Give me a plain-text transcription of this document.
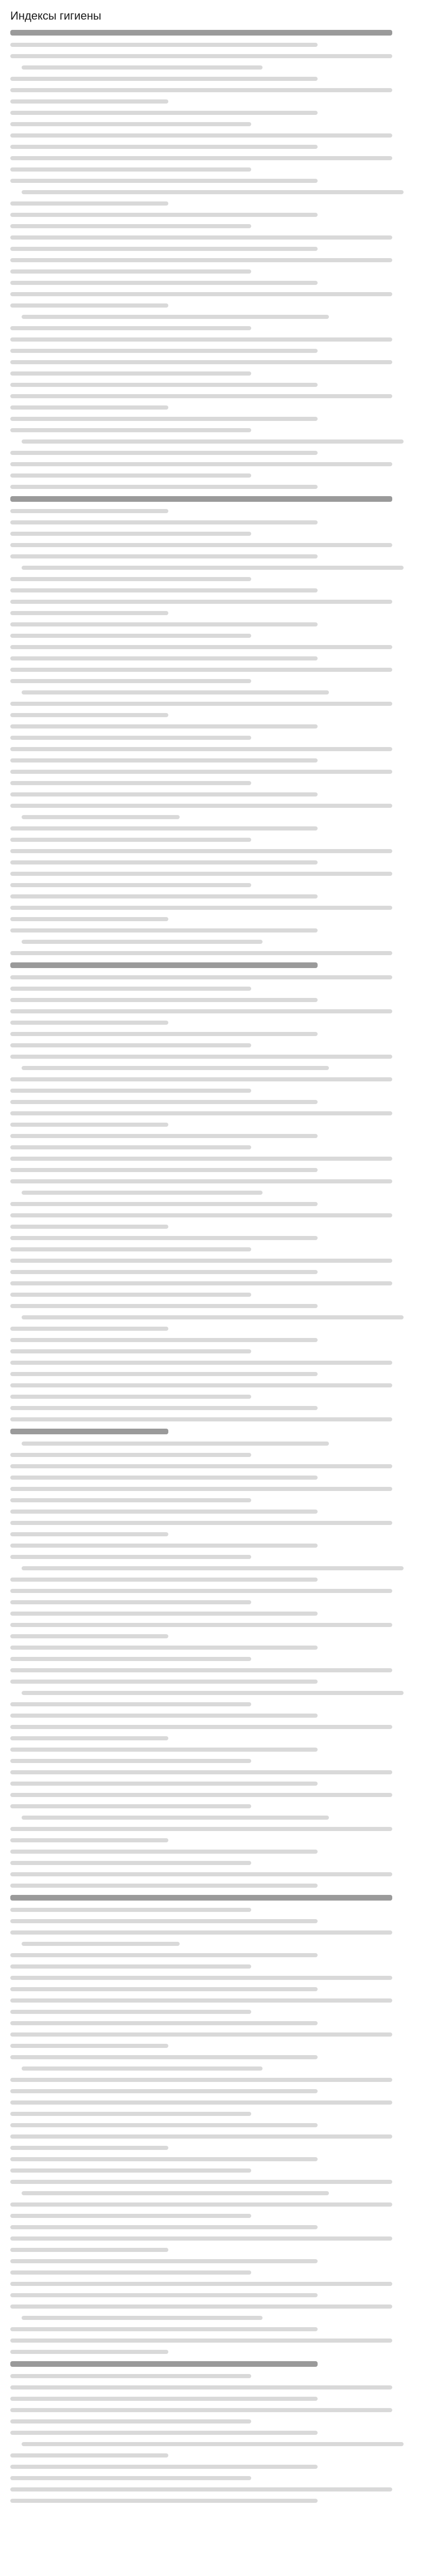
Индексы гигиены
